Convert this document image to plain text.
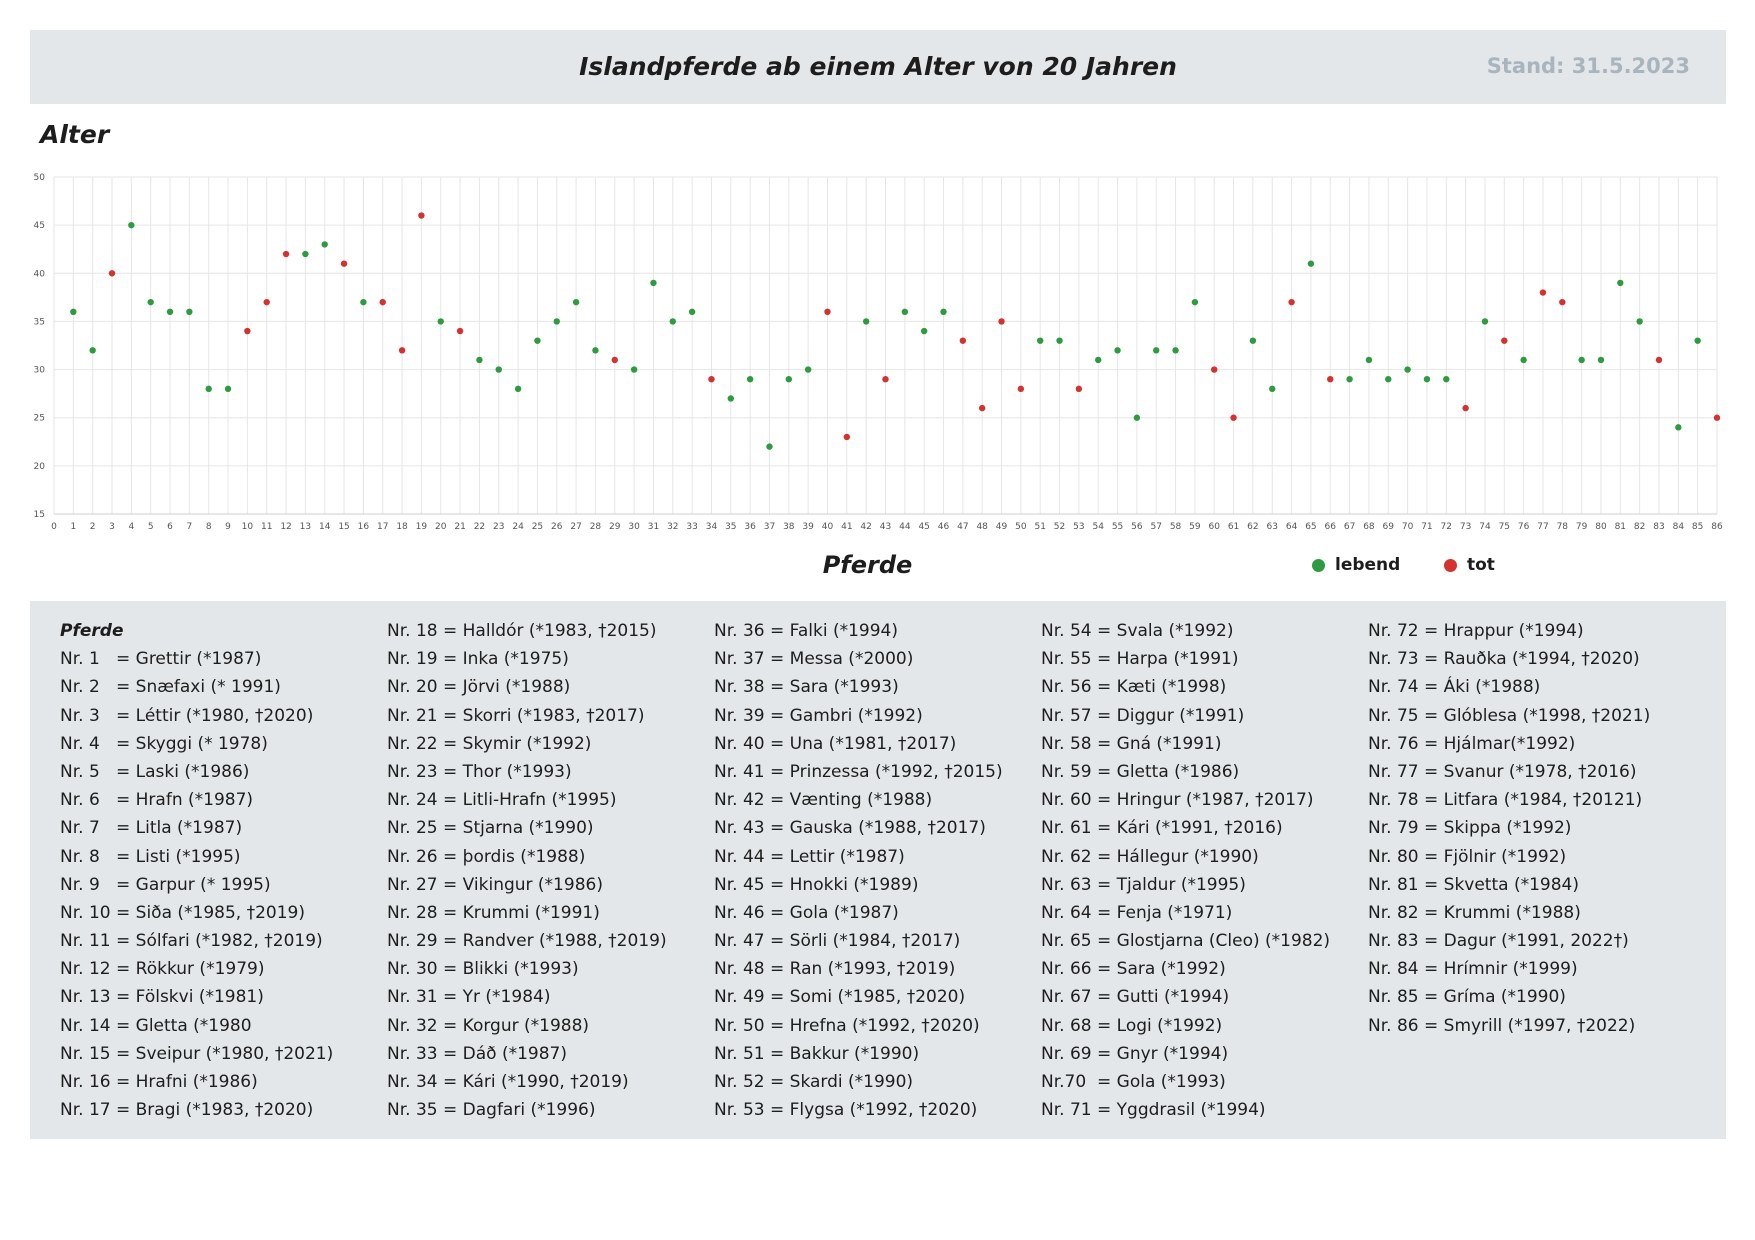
Islandpferde ab einem Alter von 20 Jahren	Stand: 31.5.2023
Alter
0 1 2 3 4 5 6 7 8 9 10 11 12 13 14 15 16 17 18 19 20 21 22 23 24 25 26 27 28 29 30 31 32 33 34 35 36 37 38 39 40 41 42 43 44 45 46 47 48 49 50 51 52 53 54 55 56 57 58 59 60 61 62 63 64 65 66 67 68 69 70 71 72 73 74 75 76 77 78 79 80 81 82 83 84 85 86
15
20
25
30
35
40
45
50
Pferde	lebend	tot
Pferde
Nr. 1 = Grettir (*1987)
Nr. 2 = Snæfaxi (* 1991)
Nr. 3 = Léttir (*1980, †2020)
Nr. 4 = Skyggi (* 1978)
Nr. 5 = Laski (*1986)
Nr. 6 = Hrafn (*1987)
Nr. 7 = Litla (*1987)
Nr. 8 = Listi (*1995)
Nr. 9 = Garpur (* 1995)
Nr. 10 = Siða (*1985, †2019)
Nr. 11 = Sólfari (*1982, †2019)
Nr. 12 = Rökkur (*1979)
Nr. 13 = Fölskvi (*1981)
Nr. 14 = Gletta (*1980
Nr. 15 = Sveipur (*1980, †2021)
Nr. 16 = Hrafni (*1986)
Nr. 17 = Bragi (*1983, †2020)
Nr. 18 = Halldór (*1983, †2015)
Nr. 19 = Inka (*1975)
Nr. 20 = Jörvi (*1988)
Nr. 21 = Skorri (*1983, †2017)
Nr. 22 = Skymir (*1992)
Nr. 23 = Thor (*1993)
Nr. 24 = Litli-Hrafn (*1995)
Nr. 25 = Stjarna (*1990)
Nr. 26 = þordis (*1988)
Nr. 27 = Vikingur (*1986)
Nr. 28 = Krummi (*1991)
Nr. 29 = Randver (*1988, †2019)
Nr. 30 = Blikki (*1993)
Nr. 31 = Yr (*1984)
Nr. 32 = Korgur (*1988)
Nr. 33 = Dáð (*1987)
Nr. 34 = Kári (*1990, †2019)
Nr. 35 = Dagfari (*1996)
Nr. 36 = Falki (*1994)
Nr. 37 = Messa (*2000)
Nr. 38 = Sara (*1993)
Nr. 39 = Gambri (*1992)
Nr. 40 = Una (*1981, †2017)
Nr. 41 = Prinzessa (*1992, †2015)
Nr. 42 = Vænting (*1988)
Nr. 43 = Gauska (*1988, †2017)
Nr. 44 = Lettir (*1987)
Nr. 45 = Hnokki (*1989)
Nr. 46 = Gola (*1987)
Nr. 47 = Sörli (*1984, †2017)
Nr. 48 = Ran (*1993, †2019)
Nr. 49 = Somi (*1985, †2020)
Nr. 50 = Hrefna (*1992, †2020)
Nr. 51 = Bakkur (*1990)
Nr. 52 = Skardi (*1990)
Nr. 53 = Flygsa (*1992, †2020)
Nr. 54 = Svala (*1992)
Nr. 55 = Harpa (*1991)
Nr. 56 = Kæti (*1998)
Nr. 57 = Diggur (*1991)
Nr. 58 = Gná (*1991)
Nr. 59 = Gletta (*1986)
Nr. 60 = Hringur (*1987, †2017)
Nr. 61 = Kári (*1991, †2016)
Nr. 62 = Hállegur (*1990)
Nr. 63 = Tjaldur (*1995)
Nr. 64 = Fenja (*1971)
Nr. 65 = Glostjarna (Cleo) (*1982)
Nr. 66 = Sara (*1992)
Nr. 67 = Gutti (*1994)
Nr. 68 = Logi (*1992)
Nr. 69 = Gnyr (*1994)
Nr.70 = Gola (*1993)
Nr. 71 = Yggdrasil (*1994)
Nr. 72 = Hrappur (*1994)
Nr. 73 = Rauðka (*1994, †2020)
Nr. 74 = Áki (*1988)
Nr. 75 = Glóblesa (*1998, †2021)
Nr. 76 = Hjálmar(*1992)
Nr. 77 = Svanur (*1978, †2016)
Nr. 78 = Litfara (*1984, †20121)
Nr. 79 = Skippa (*1992)
Nr. 80 = Fjölnir (*1992)
Nr. 81 = Skvetta (*1984)
Nr. 82 = Krummi (*1988)
Nr. 83 = Dagur (*1991, 2022†)
Nr. 84 = Hrímnir (*1999)
Nr. 85 = Gríma (*1990)
Nr. 86 = Smyrill (*1997, †2022)
